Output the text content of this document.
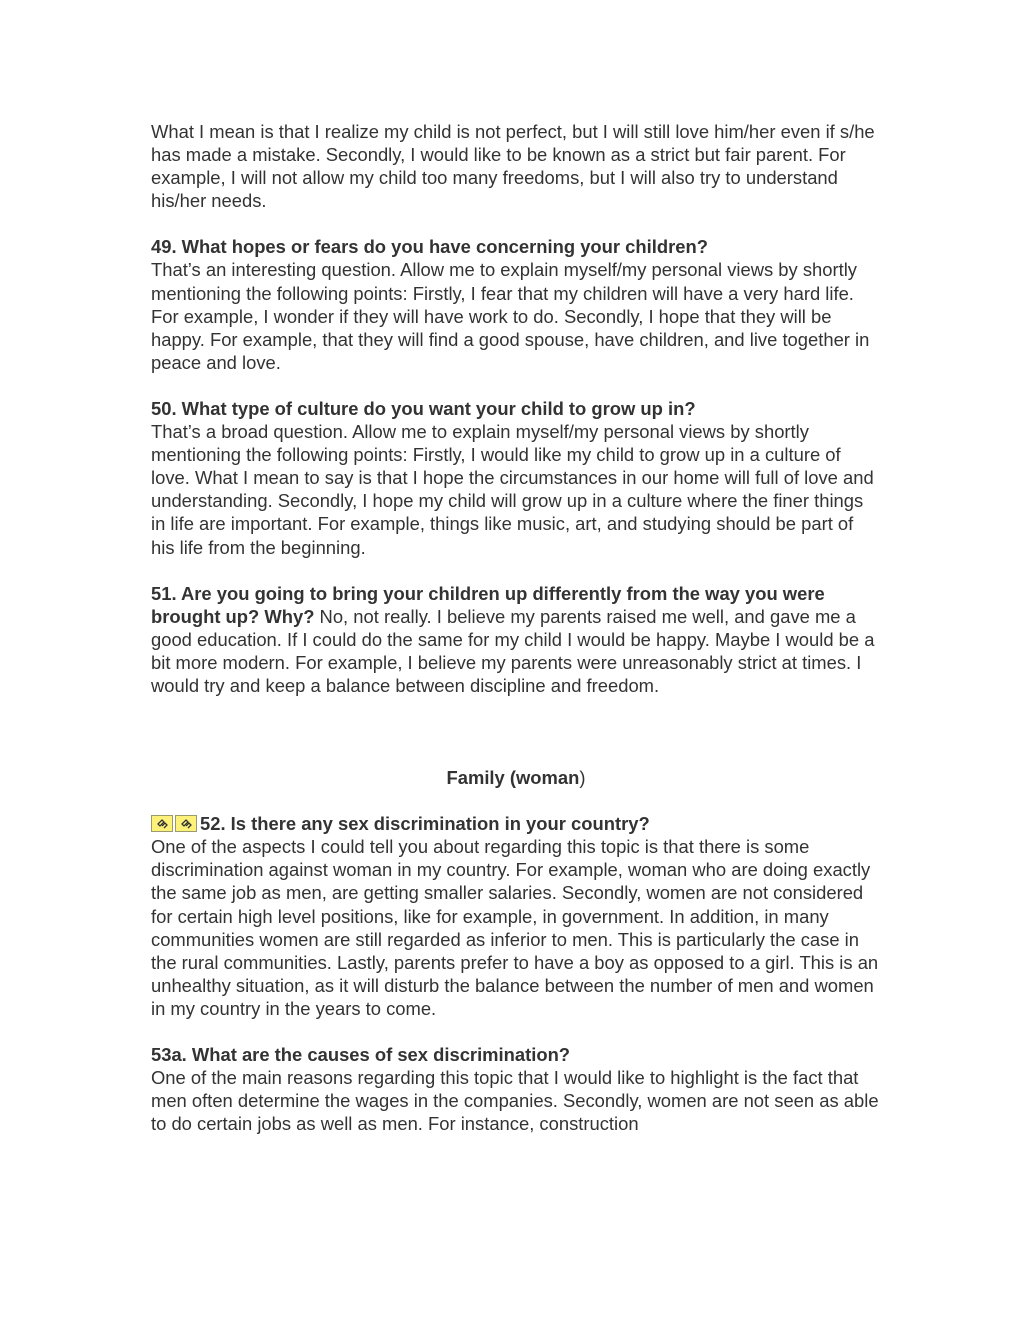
What I mean is that I realize my child is not perfect, but I will still love him/her even if s/he has made a mistake. Secondly, I would like to be known as a strict but fair parent. For example, I will not allow my child too many freedoms, but I will also try to understand his/her needs.

49. What hopes or fears do you have concerning your children?

That’s an interesting question. Allow me to explain myself/my personal views by shortly mentioning the following points: Firstly, I fear that my children will have a very hard life. For example, I wonder if they will have work to do. Secondly, I hope that they will be happy. For example, that they will find a good spouse, have children, and live together in peace and love.

50. What type of culture do you want your child to grow up in?

That’s a broad question. Allow me to explain myself/my personal views by shortly mentioning the following points: Firstly, I would like my child to grow up in a culture of love. What I mean to say is that I hope the circumstances in our home will full of love and understanding. Secondly, I hope my child will grow up in a culture where the finer things in life are important. For example, things like music, art, and studying should be part of his life from the beginning.

51. Are you going to bring your children up differently from the way you were brought up? Why? No, not really. I believe my parents raised me well, and gave me a good education. If I could do the same for my child I would be happy. Maybe I would be a bit more modern. For example, I believe my parents were unreasonably strict at times. I would try and keep a balance between discipline and freedom.

Family (woman)

52. Is there any sex discrimination in your country?

One of the aspects I could tell you about regarding this topic is that there is some discrimination against woman in my country. For example, woman who are doing exactly the same job as men, are getting smaller salaries. Secondly, women are not considered for certain high level positions, like for example, in government. In addition, in many communities women are still regarded as inferior to men. This is particularly the case in the rural communities. Lastly, parents prefer to have a boy as opposed to a girl. This is an unhealthy situation, as it will disturb the balance between the number of men and women in my country in the years to come.

53a. What are the causes of sex discrimination?

One of the main reasons regarding this topic that I would like to highlight is the fact that men often determine the wages in the companies. Secondly, women are not seen as able to do certain jobs as well as men. For instance, construction
